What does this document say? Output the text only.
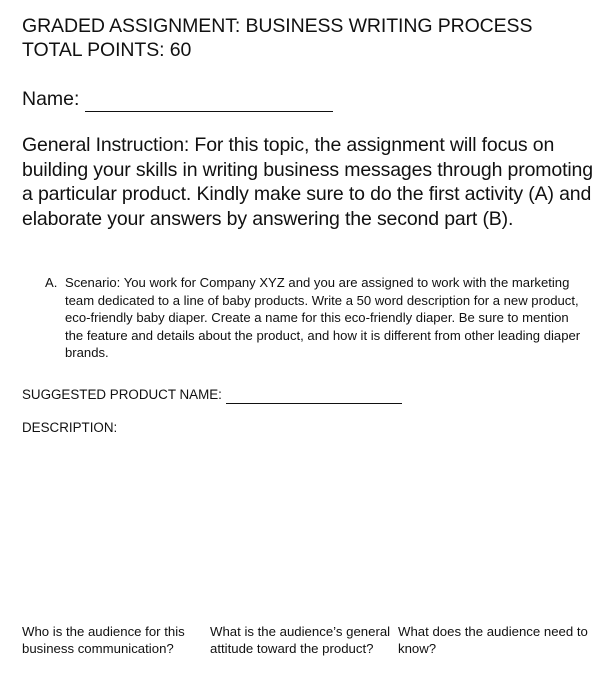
GRADED ASSIGNMENT: BUSINESS WRITING PROCESS
TOTAL POINTS: 60
Name:
General Instruction: For this topic, the assignment will focus on building your skills in writing business messages through promoting a particular product. Kindly make sure to do the first activity (A) and elaborate your answers by answering the second part (B).
A. Scenario: You work for Company XYZ and you are assigned to work with the marketing team dedicated to a line of baby products. Write a 50 word description for a new product, eco-friendly baby diaper. Create a name for this eco-friendly diaper. Be sure to mention the feature and details about the product, and how it is different from other leading diaper brands.
SUGGESTED PRODUCT NAME:
DESCRIPTION:
Who is the audience for this business communication?
What is the audience’s general attitude toward the product?
What does the audience need to know?
